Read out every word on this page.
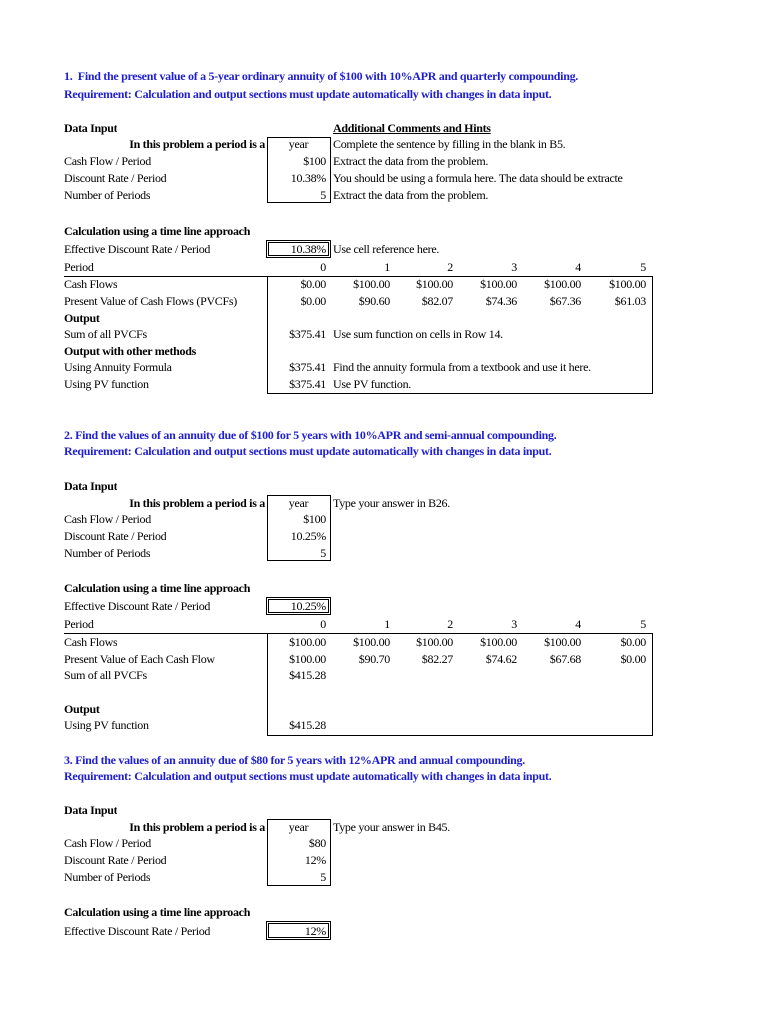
1.  Find the present value of a 5-year ordinary annuity of $100 with 10%APR and quarterly compounding.
Requirement: Calculation and output sections must update automatically with changes in data input.
Data Input	Additional Comments and Hints
In this problem a period is a	year	Complete the sentence by filling in the blank in B5.
Cash Flow / Period	$100 Extract the data from the problem.
Discount Rate / Period	10.38% You should be using a formula here. The data should be extracte
Number of Periods	5 Extract the data from the problem.
Calculation using a time line approach
Effective Discount Rate / Period	10.38% Use cell reference here.
Period	0	1	2	3	4	5
Cash Flows	$0.00	$100.00	$100.00	$100.00	$100.00	$100.00
Present Value of Cash Flows (PVCFs)	$0.00	$90.60	$82.07	$74.36	$67.36	$61.03
Output
Sum of all PVCFs	$375.41 Use sum function on cells in Row 14.
Output with other methods
Using Annuity Formula	$375.41 Find the annuity formula from a textbook and use it here.
Using PV function	$375.41 Use PV function.
2. Find the values of an annuity due of $100 for 5 years with 10%APR and semi-annual compounding.
Requirement: Calculation and output sections must update automatically with changes in data input.
Data Input
In this problem a period is a	year	Type your answer in B26.
Cash Flow / Period	$100
Discount Rate / Period	10.25%
Number of Periods	5
Calculation using a time line approach
Effective Discount Rate / Period	10.25%
Period	0	1	2	3	4	5
Cash Flows	$100.00	$100.00	$100.00	$100.00	$100.00	$0.00
Present Value of Each Cash Flow	$100.00	$90.70	$82.27	$74.62	$67.68	$0.00
Sum of all PVCFs	$415.28
Output
Using PV function	$415.28
3. Find the values of an annuity due of $80 for 5 years with 12%APR and annual compounding.
Requirement: Calculation and output sections must update automatically with changes in data input.
Data Input
In this problem a period is a	year	Type your answer in B45.
Cash Flow / Period	$80
Discount Rate / Period	12%
Number of Periods	5
Calculation using a time line approach
Effective Discount Rate / Period	12%
